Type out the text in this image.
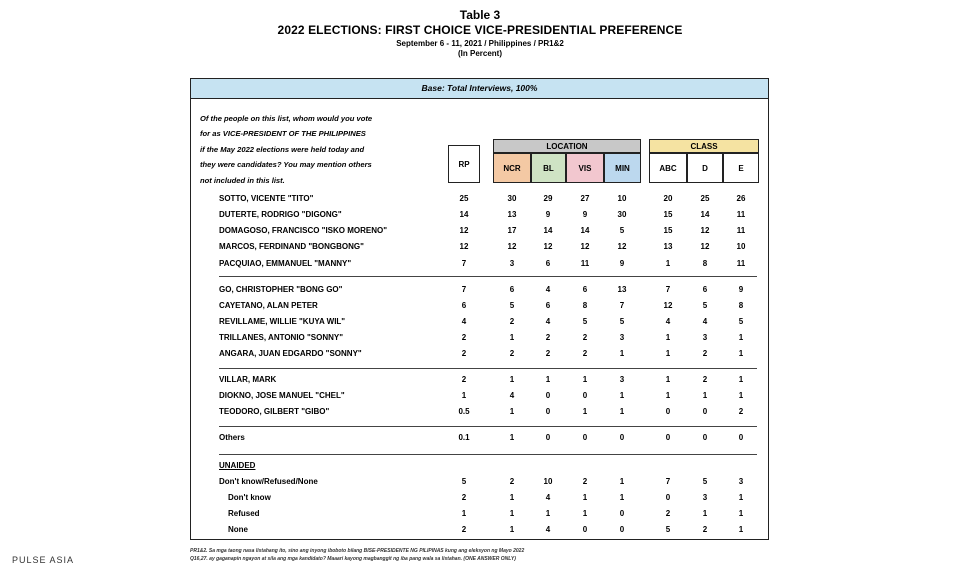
Table 3
2022 ELECTIONS: FIRST CHOICE VICE-PRESIDENTIAL PREFERENCE
September 6 - 11, 2021 / Philippines / PR1&2
(In Percent)
Base: Total Interviews, 100%
Of the people on this list, whom would you vote
for as VICE-PRESIDENT OF THE PHILIPPINES
if the May 2022 elections were held today and
they were candidates? You may mention others
not included in this list.
RP
LOCATION
NCR	BL	VIS	MIN
CLASS
ABC	D	E
SOTTO, VICENTE "TITO"	25	30	29	27	10	20	25	26
DUTERTE, RODRIGO "DIGONG"	14	13	9	9	30	15	14	11
DOMAGOSO, FRANCISCO "ISKO MORENO"	12	17	14	14	5	15	12	11
MARCOS, FERDINAND "BONGBONG"	12	12	12	12	12	13	12	10
PACQUIAO, EMMANUEL "MANNY"	7	3	6	11	9	1	8	11
GO, CHRISTOPHER "BONG GO"	7	6	4	6	13	7	6	9
CAYETANO, ALAN PETER	6	5	6	8	7	12	5	8
REVILLAME, WILLIE "KUYA WIL"	4	2	4	5	5	4	4	5
TRILLANES, ANTONIO "SONNY"	2	1	2	2	3	1	3	1
ANGARA, JUAN EDGARDO "SONNY"	2	2	2	2	1	1	2	1
VILLAR, MARK	2	1	1	1	3	1	2	1
DIOKNO, JOSE MANUEL "CHEL"	1	4	0	0	1	1	1	1
TEODORO, GILBERT "GIBO"	0.5	1	0	1	1	0	0	2
Others	0.1	1	0	0	0	0	0	0
UNAIDED
Don't know/Refused/None	5	2	10	2	1	7	5	3
Don't know	2	1	4	1	1	0	3	1
Refused	1	1	1	1	0	2	1	1
None	2	1	4	0	0	5	2	1
PR1&2. Sa mga taong nasa listahang ito, sino ang inyong iboboto bilang BISE-PRESIDENTE NG PILIPINAS kung ang eleksyon ng Mayo 2022
Q16,27. ay gaganapin ngayon at sila ang mga kandidato? Maaari kayong magbanggit ng iba pang wala sa listahan. (ONE ANSWER ONLY)
PULSE ASIA
